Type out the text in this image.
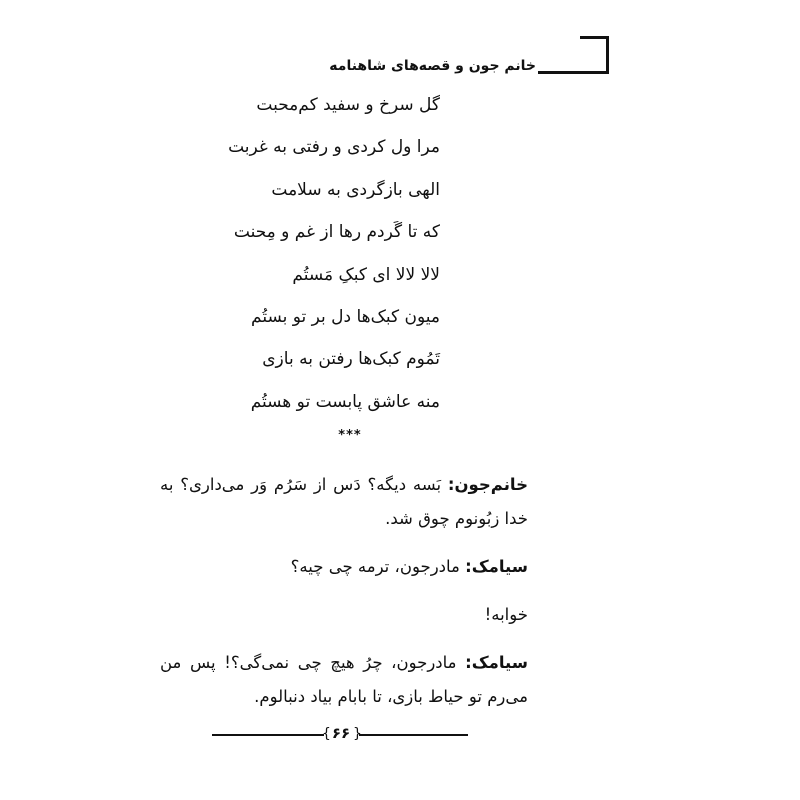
خانم جون و قصه‌های شاهنامه
گل سرخ و سفید کم‌محبت
مرا ول کردی و رفتی به غربت
الهی بازگردی به سلامت
که تا گَردم رها از غم و مِحنت
لالا لالا ای کبکِ مَستُم
میون کبک‌ها دل بر تو بستُم
تَمُوم کبک‌ها رفتن به بازی
منه عاشق پابست تو هستُم
***

خانم‌جون: بَسه دیگه؟ دَس از سَرُم وَر می‌داری؟ به خدا زبُونوم چوق شد.

سیامک: مادرجون، ترمه چی چیه؟

خوابه!

سیامک: مادرجون، چرُ هیچ چی نمی‌گی؟! پس من می‌رم تو حیاط بازی، تا بابام بیاد دنبالوم.

{ }
۶۶
